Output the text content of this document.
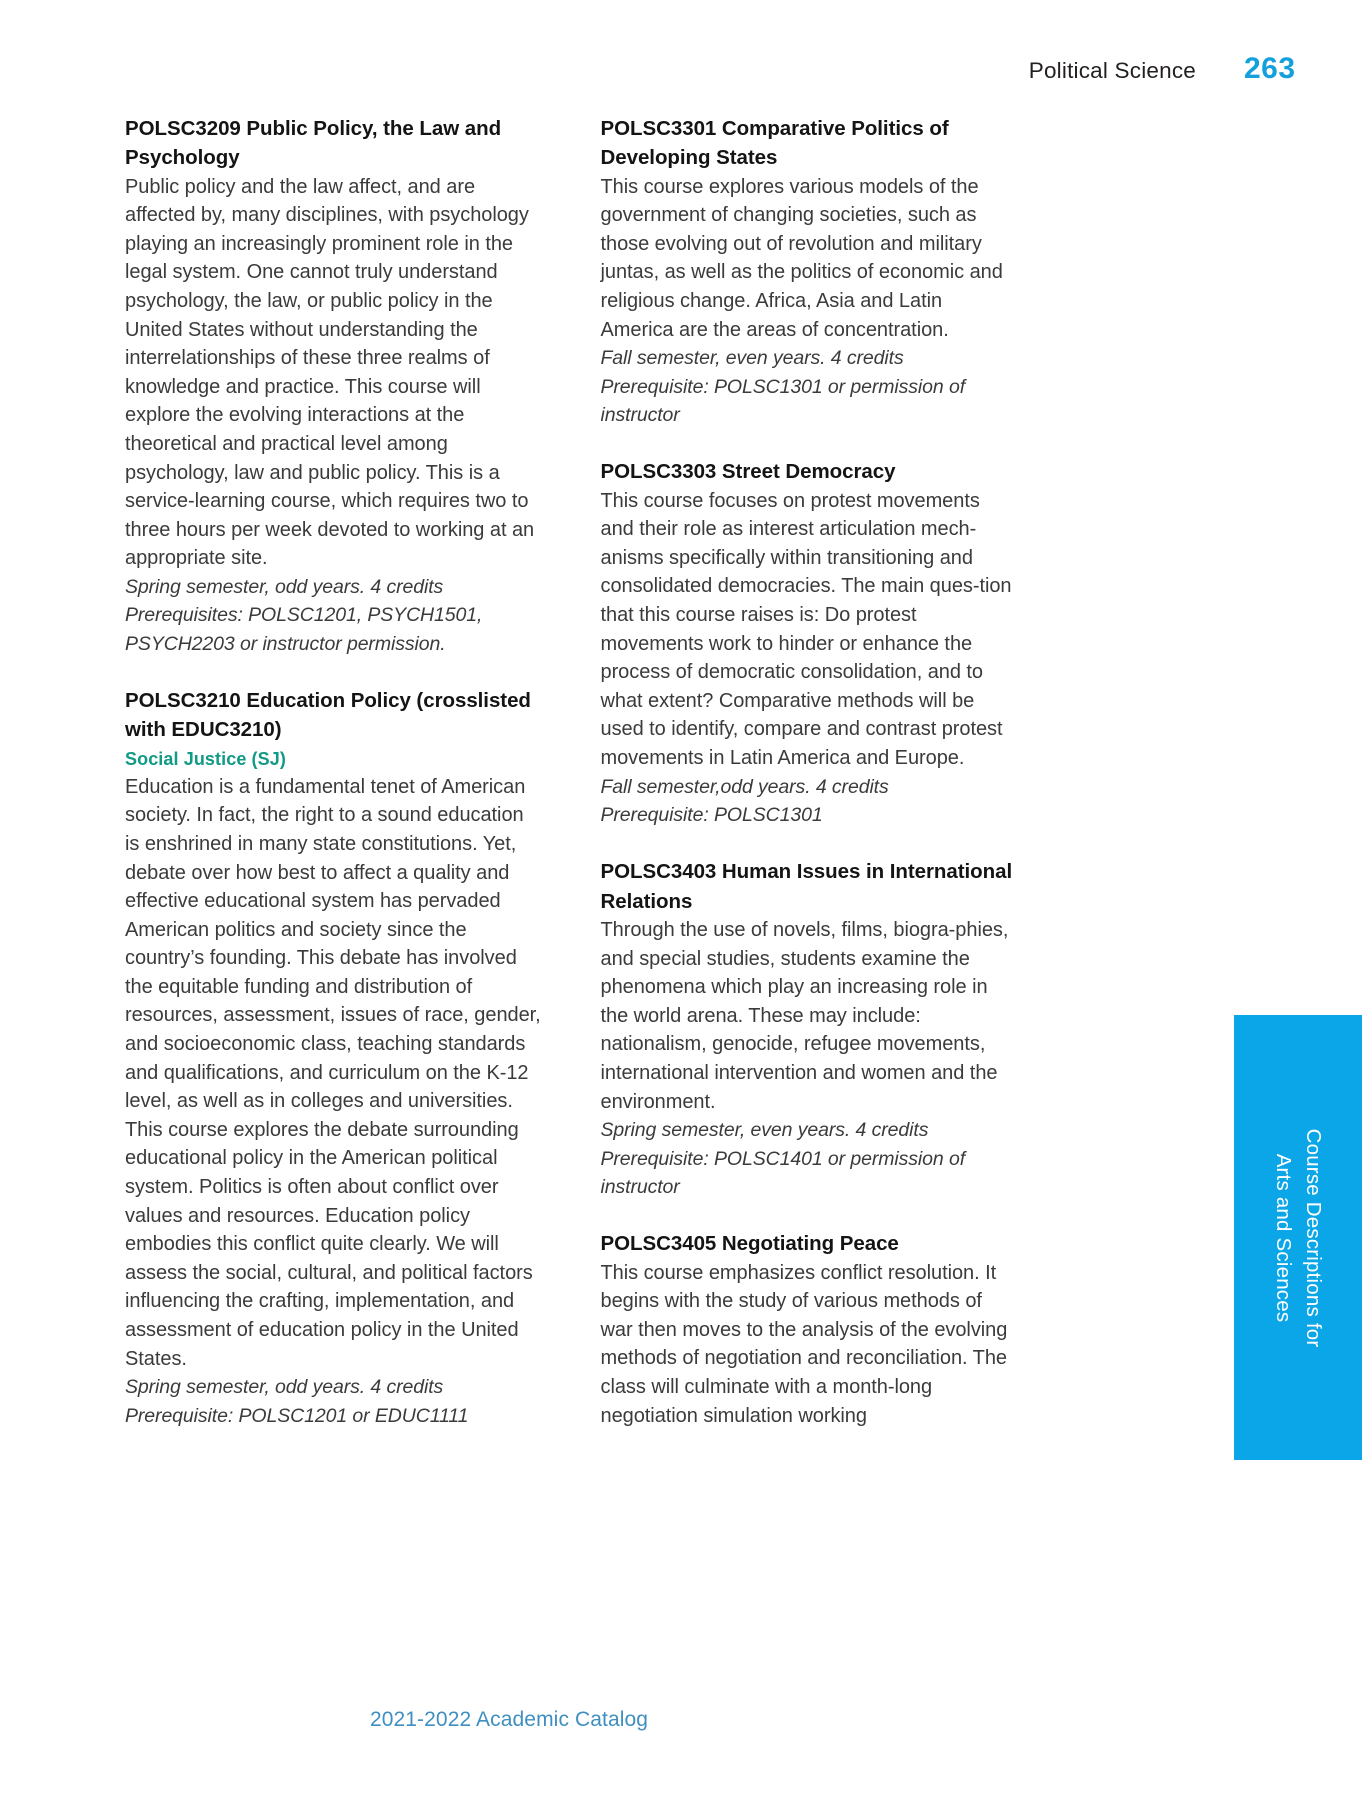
Political Science 263
POLSC3209 Public Policy, the Law and Psychology
Public policy and the law affect, and are affected by, many disciplines, with psychology playing an increasingly prominent role in the legal system. One cannot truly understand psychology, the law, or public policy in the United States without understanding the interrelationships of these three realms of knowledge and practice. This course will explore the evolving interactions at the theoretical and practical level among psychology, law and public policy. This is a service-learning course, which requires two to three hours per week devoted to working at an appropriate site.
Spring semester, odd years. 4 credits
Prerequisites: POLSC1201, PSYCH1501, PSYCH2203 or instructor permission.
POLSC3210 Education Policy (crosslisted with EDUC3210)
Social Justice (SJ)
Education is a fundamental tenet of American society. In fact, the right to a sound education is enshrined in many state constitutions. Yet, debate over how best to affect a quality and effective educational system has pervaded American politics and society since the country’s founding. This debate has involved the equitable funding and distribution of resources, assessment, issues of race, gender, and socioeconomic class, teaching standards and qualifications, and curriculum on the K-12 level, as well as in colleges and universities. This course explores the debate surrounding educational policy in the American political system. Politics is often about conflict over values and resources. Education policy embodies this conflict quite clearly. We will assess the social, cultural, and political factors influencing the crafting, implementation, and assessment of education policy in the United States.
Spring semester, odd years. 4 credits
Prerequisite: POLSC1201 or EDUC1111
POLSC3301 Comparative Politics of Developing States
This course explores various models of the government of changing societies, such as those evolving out of revolution and military juntas, as well as the politics of economic and religious change. Africa, Asia and Latin America are the areas of concentration.
Fall semester, even years. 4 credits
Prerequisite: POLSC1301 or permission of instructor
POLSC3303 Street Democracy
This course focuses on protest movements and their role as interest articulation mech-anisms specifically within transitioning and consolidated democracies. The main ques-tion that this course raises is: Do protest movements work to hinder or enhance the process of democratic consolidation, and to what extent? Comparative methods will be used to identify, compare and contrast protest movements in Latin America and Europe.
Fall semester,odd years. 4 credits
Prerequisite: POLSC1301
POLSC3403 Human Issues in International Relations
Through the use of novels, films, biogra-phies, and special studies, students examine the phenomena which play an increasing role in the world arena. These may include: nationalism, genocide, refugee movements, international intervention and women and the environment.
Spring semester, even years. 4 credits
Prerequisite: POLSC1401 or permission of instructor
POLSC3405 Negotiating Peace
This course emphasizes conflict resolution. It begins with the study of various methods of war then moves to the analysis of the evolving methods of negotiation and reconciliation. The class will culminate with a month-long negotiation simulation working
Course Descriptions for
Arts and Sciences
2021-2022 Academic Catalog
